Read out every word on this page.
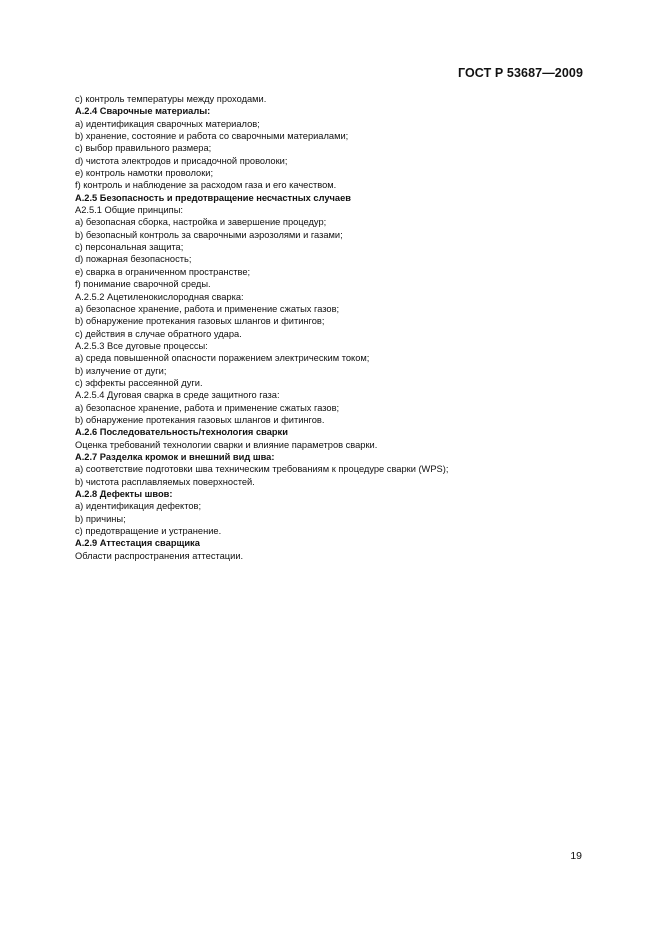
ГОСТ Р 53687—2009
c) контроль температуры между проходами.
А.2.4 Сварочные материалы:
a) идентификация сварочных материалов;
b) хранение, состояние и работа со сварочными материалами;
c) выбор правильного размера;
d) чистота электродов и присадочной проволоки;
e) контроль намотки проволоки;
f) контроль и наблюдение за расходом газа и его качеством.
А.2.5 Безопасность и предотвращение несчастных случаев
А2.5.1 Общие принципы:
a) безопасная сборка, настройка и завершение процедур;
b) безопасный контроль за сварочными аэрозолями и газами;
c) персональная защита;
d) пожарная безопасность;
e) сварка в ограниченном пространстве;
f) понимание сварочной среды.
А.2.5.2 Ацетиленокислородная сварка:
a) безопасное хранение, работа и применение сжатых газов;
b) обнаружение протекания газовых шлангов и фитингов;
c) действия в случае обратного удара.
А.2.5.3 Все дуговые процессы:
a) среда повышенной опасности поражением электрическим током;
b) излучение от дуги;
c) эффекты рассеянной дуги.
А.2.5.4 Дуговая сварка в среде защитного газа:
a) безопасное хранение, работа и применение сжатых газов;
b) обнаружение протекания газовых шлангов и фитингов.
А.2.6 Последовательность/технология сварки
Оценка требований технологии сварки и влияние параметров сварки.
А.2.7 Разделка кромок и внешний вид шва:
a) соответствие подготовки шва техническим требованиям к процедуре сварки (WPS);
b) чистота расплавляемых поверхностей.
А.2.8 Дефекты швов:
a) идентификация дефектов;
b) причины;
c) предотвращение и устранение.
А.2.9 Аттестация сварщика
Области распространения аттестации.
19
